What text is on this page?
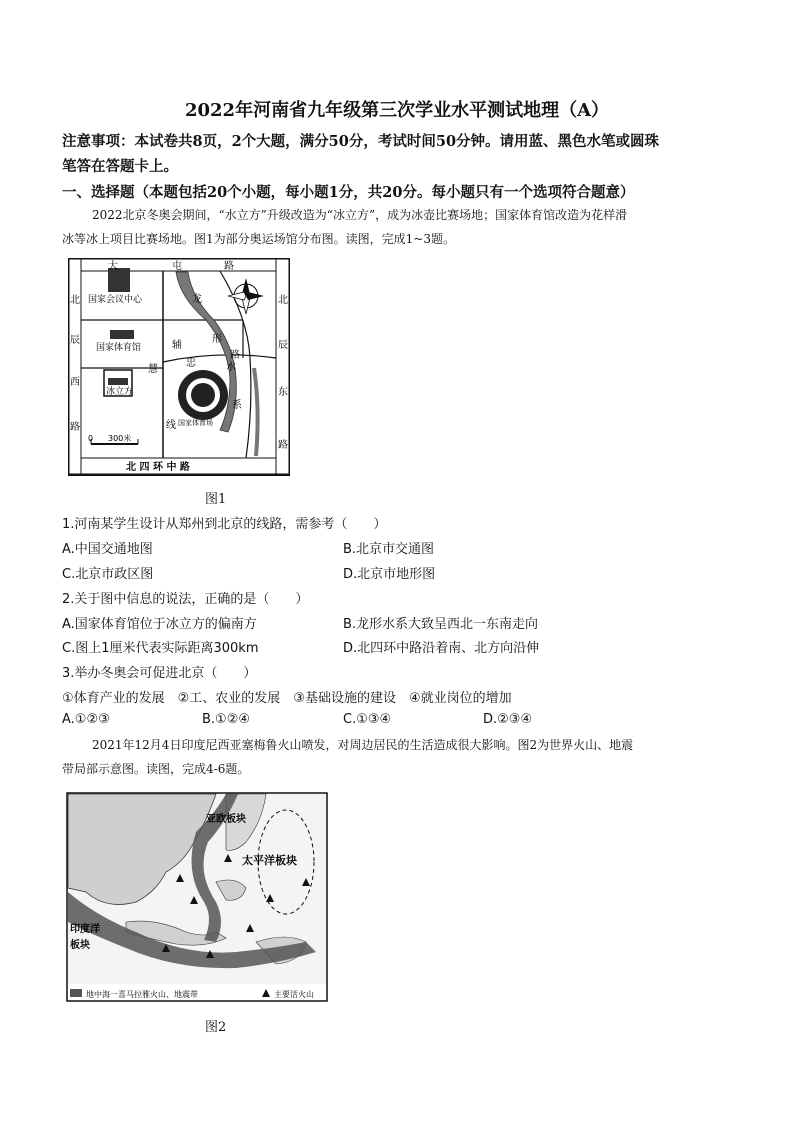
2022年河南省九年级第三次学业水平测试地理（A）
注意事项：本试卷共8页，2个大题，满分50分，考试时间50分钟。请用蓝、黑色水笔或圆珠
笔答在答题卡上。
一、选择题（本题包括20个小题，每小题1分，共20分。每小题只有一个选项符合题意）
2022北京冬奥会期间，“水立方”升级改造为“冰立方”，成为冰壶比赛场地；国家体育馆改造为花样滑
冰等冰上项目比赛场地。图1为部分奥运场馆分布图。读图，完成1~3题。
大	屯	路
北
辰
西
路
北
辰
东
路
慧
忠
线
辅
路
龙
形
水
系
国家会议中心
国家体育馆
冰立方
国家体育场
0 300米
北 四 环 中 路
图1
1.河南某学生设计从郑州到北京的线路，需参考（　　）
A.中国交通地图	B.北京市交通图
C.北京市政区图	D.北京市地形图
2.关于图中信息的说法，正确的是（　　）
A.国家体育馆位于冰立方的偏南方	B.龙形水系大致呈西北一东南走向
C.图上1厘米代表实际距离300km	D.北四环中路沿着南、北方向沿伸
3.举办冬奥会可促进北京（　　）
①体育产业的发展　②工、农业的发展　③基础设施的建设　④就业岗位的增加
A.①②③	B.①②④	C.①③④	D.②③④
2021年12月4日印度尼西亚塞梅鲁火山喷发，对周边居民的生活造成很大影响。图2为世界火山、地震
带局部示意图。读图，完成4-6题。
亚欧板块
太平洋板块
印度洋
板块
地中海一喜马拉雅火山、地震带	主要活火山
图2
